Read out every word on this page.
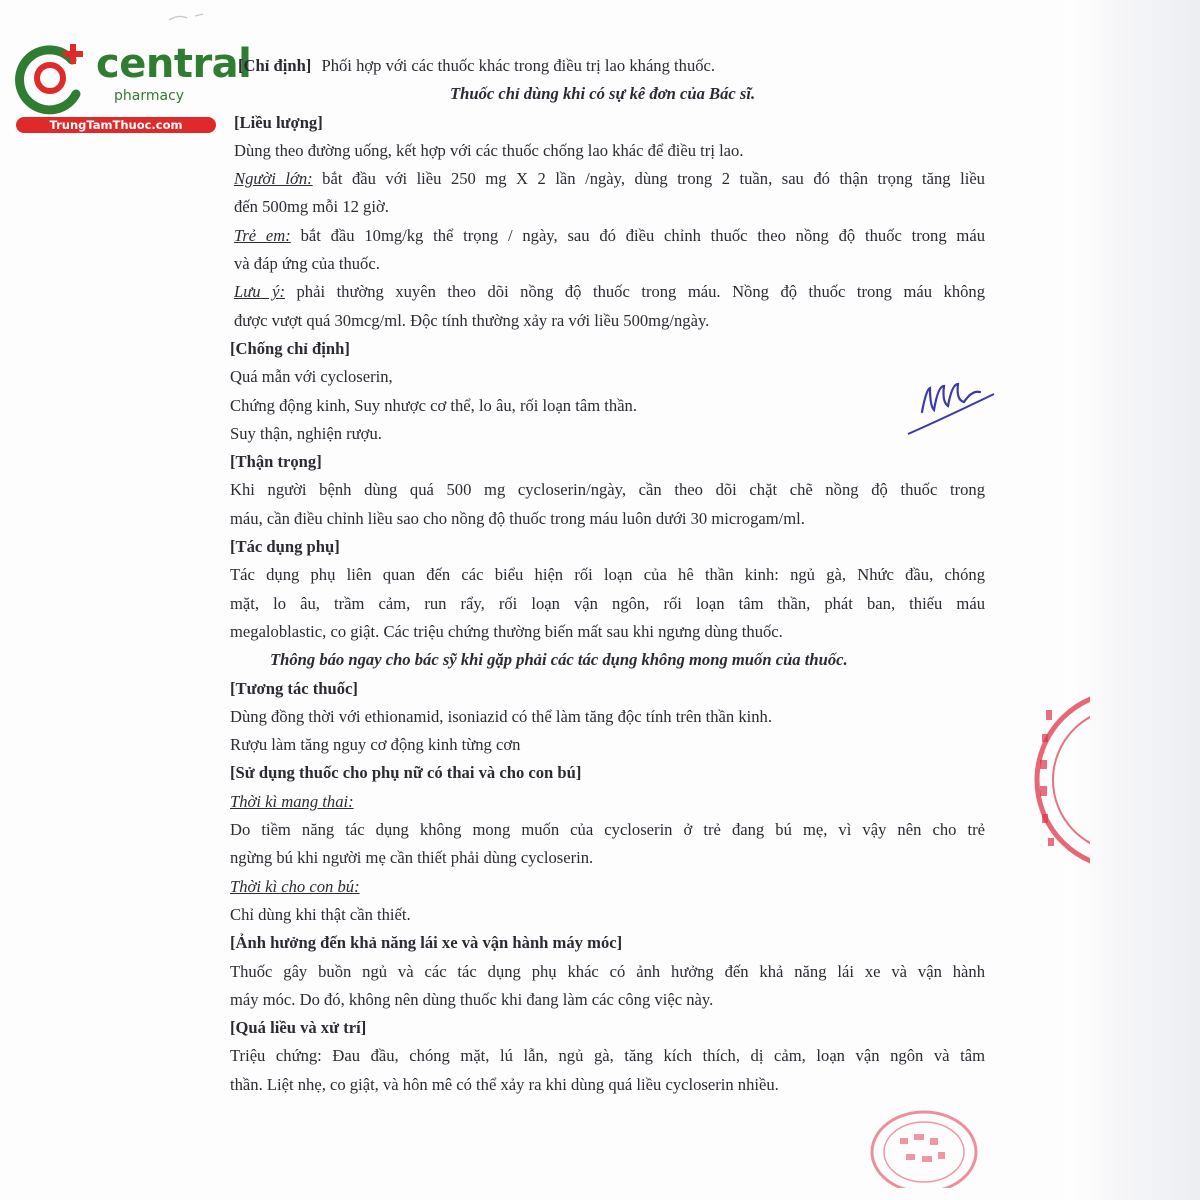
central
pharmacy
TrungTamThuoc.com
[Chỉ định] Phối hợp với các thuốc khác trong điều trị lao kháng thuốc.
Thuốc chỉ dùng khi có sự kê đơn của Bác sĩ.
[Liều lượng]
Dùng theo đường uống, kết hợp với các thuốc chống lao khác để điều trị lao.
Người lớn: bắt đầu với liều 250 mg X 2 lần /ngày, dùng trong 2 tuần, sau đó thận trọng tăng liều
đến 500mg mỗi 12 giờ.
Trẻ em: bắt đầu 10mg/kg thể trọng / ngày, sau đó điều chỉnh thuốc theo nồng độ thuốc trong máu
và đáp ứng của thuốc.
Lưu ý: phải thường xuyên theo dõi nồng độ thuốc trong máu. Nồng độ thuốc trong máu không
được vượt quá 30mcg/ml. Độc tính thường xảy ra với liều 500mg/ngày.
[Chống chỉ định]
Quá mẫn với cycloserin,
Chứng động kinh, Suy nhược cơ thể, lo âu, rối loạn tâm thần.
Suy thận, nghiện rượu.
[Thận trọng]
Khi người bệnh dùng quá 500 mg cycloserin/ngày, cần theo dõi chặt chẽ nồng độ thuốc trong
máu, cần điều chỉnh liều sao cho nồng độ thuốc trong máu luôn dưới 30 microgam/ml.
[Tác dụng phụ]
Tác dụng phụ liên quan đến các biểu hiện rối loạn của hê thần kinh: ngủ gà, Nhức đầu, chóng
mặt, lo âu, trầm cảm, run rẩy, rối loạn vận ngôn, rối loạn tâm thần, phát ban, thiếu máu
megaloblastic, co giật. Các triệu chứng thường biến mất sau khi ngưng dùng thuốc.
Thông báo ngay cho bác sỹ khi gặp phải các tác dụng không mong muốn của thuốc.
[Tương tác thuốc]
Dùng đồng thời với ethionamid, isoniazid có thể làm tăng độc tính trên thần kinh.
Rượu làm tăng nguy cơ động kinh từng cơn
[Sử dụng thuốc cho phụ nữ có thai và cho con bú]
Thời kì mang thai:
Do tiềm năng tác dụng không mong muốn của cycloserin ở trẻ đang bú mẹ, vì vậy nên cho trẻ
ngừng bú khi người mẹ cần thiết phải dùng cycloserin.
Thời kì cho con bú:
Chỉ dùng khi thật cần thiết.
[Ảnh hưởng đến khả năng lái xe và vận hành máy móc]
Thuốc gây buồn ngủ và các tác dụng phụ khác có ảnh hưởng đến khả năng lái xe và vận hành
máy móc. Do đó, không nên dùng thuốc khi đang làm các công việc này.
[Quá liều và xử trí]
Triệu chứng: Đau đầu, chóng mặt, lú lẫn, ngủ gà, tăng kích thích, dị cảm, loạn vận ngôn và tâm
thần. Liệt nhẹ, co giật, và hôn mê có thể xảy ra khi dùng quá liều cycloserin nhiều.
